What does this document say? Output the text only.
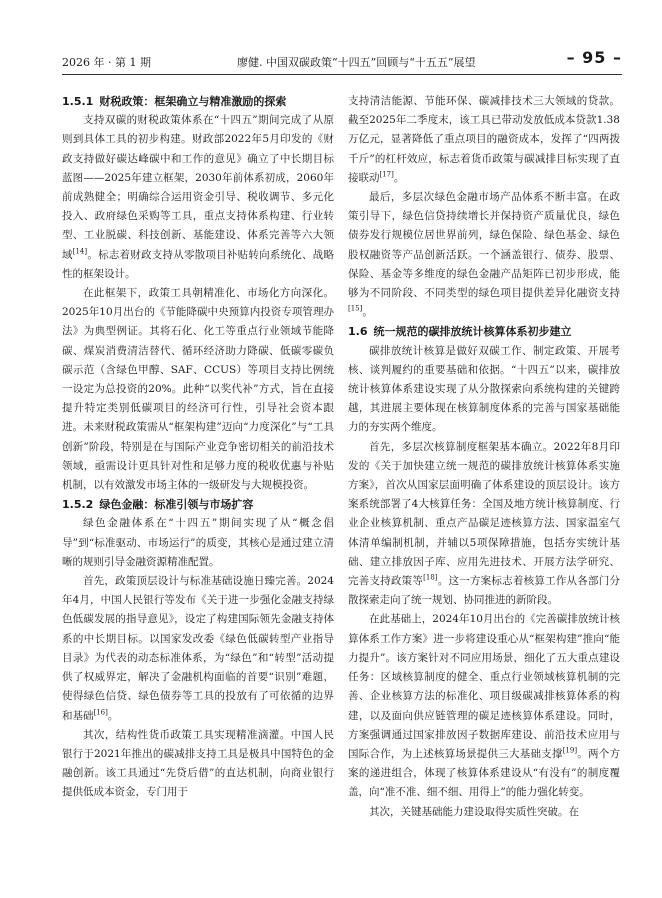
2026 年 · 第 1 期	廖健. 中国双碳政策“十四五”回顾与“十五五”展望	– 95 –
1.5.1 财税政策：框架确立与精准激励的探索

支持双碳的财税政策体系在“十四五”期间完成了从原则到具体工具的初步构建。财政部2022年5月印发的《财政支持做好碳达峰碳中和工作的意见》确立了中长期目标蓝图——2025年建立框架，2030年前体系初成，2060年前成熟健全；明确综合运用资金引导、税收调节、多元化投入、政府绿色采购等工具，重点支持体系构建、行业转型、工业脱碳、科技创新、基能建设、体系完善等六大领域[14]。标志着财政支持从零散项目补贴转向系统化、战略性的框架设计。

在此框架下，政策工具朝精准化、市场化方向深化。2025年10月出台的《节能降碳中央预算内投资专项管理办法》为典型例证。其将石化、化工等重点行业领域节能降碳、煤炭消费清洁替代、循环经济助力降碳、低碳零碳负碳示范（含绿色甲醇、SAF、CCUS）等项目支持比例统一设定为总投资的20%。此种“以奖代补”方式，旨在直接提升特定类别低碳项目的经济可行性，引导社会资本跟进。未来财税政策需从“框架构建”迈向“力度深化”与“工具创新”阶段，特别是在与国际产业竞争密切相关的前沿技术领域，亟需设计更具针对性和足够力度的税收优惠与补贴机制，以有效激发市场主体的一级研发与大规模投资。

1.5.2 绿色金融：标准引领与市场扩容

绿色金融体系在“十四五”期间实现了从“概念倡导”到“标准驱动、市场运行”的质变，其核心是通过建立清晰的规则引导金融资源精准配置。

首先，政策顶层设计与标准基础设施日臻完善。2024年4月，中国人民银行等发布《关于进一步强化金融支持绿色低碳发展的指导意见》，设定了构建国际领先金融支持体系的中长期目标。以国家发改委《绿色低碳转型产业指导目录》为代表的动态标准体系，为“绿色”和“转型”活动提供了权威界定，解决了金融机构面临的首要“识别”难题，使得绿色信贷、绿色债券等工具的投放有了可依循的边界和基础[16]。

其次，结构性货币政策工具实现精准滴灌。中国人民银行于2021年推出的碳减排支持工具是极具中国特色的金融创新。该工具通过“先贷后借”的直达机制，向商业银行提供低成本资金，专门用于

支持清洁能源、节能环保、碳减排技术三大领域的贷款。截至2025年二季度末，该工具已带动发放低成本贷款1.38万亿元，显著降低了重点项目的融资成本，发挥了“四两拨千斤”的杠杆效应，标志着货币政策与碳减排目标实现了直接联动[17]。

最后，多层次绿色金融市场产品体系不断丰富。在政策引导下，绿色信贷持续增长并保持资产质量优良，绿色债券发行规模位居世界前列，绿色保险、绿色基金、绿色股权融资等产品创新活跃。一个涵盖银行、债券、股票、保险、基金等多维度的绿色金融产品矩阵已初步形成，能够为不同阶段、不同类型的绿色项目提供差异化融资支持[15]。

1.6 统一规范的碳排放统计核算体系初步建立

碳排放统计核算是做好双碳工作、制定政策、开展考核、谈判履约的重要基础和依据。“十四五”以来，碳排放统计核算体系建设实现了从分散探索向系统构建的关键跨越，其进展主要体现在核算制度体系的完善与国家基础能力的夯实两个维度。

首先，多层次核算制度框架基本确立。2022年8月印发的《关于加快建立统一规范的碳排放统计核算体系实施方案》，首次从国家层面明确了体系建设的顶层设计。该方案系统部署了4大核算任务：全国及地方统计核算制度、行业企业核算机制、重点产品碳足迹核算方法、国家温室气体清单编制机制，并辅以5项保障措施，包括夯实统计基础、建立排放因子库、应用先进技术、开展方法学研究、完善支持政策等[18]。这一方案标志着核算工作从各部门分散探索走向了统一规划、协同推进的新阶段。

在此基础上，2024年10月出台的《完善碳排放统计核算体系工作方案》进一步将建设重心从“框架构建”推向“能力提升”。该方案针对不同应用场景，细化了五大重点建设任务：区域核算制度的健全、重点行业领域核算机制的完善、企业核算方法的标准化、项目级碳减排核算体系的构建，以及面向供应链管理的碳足迹核算体系建设。同时，方案强调通过国家排放因子数据库建设、前沿技术应用与国际合作，为上述核算场景提供三大基础支撑[19]。两个方案的递进组合，体现了核算体系建设从“有没有”的制度覆盖，向“准不准、细不细、用得上”的能力强化转变。

其次，关键基础能力建设取得实质性突破。在
